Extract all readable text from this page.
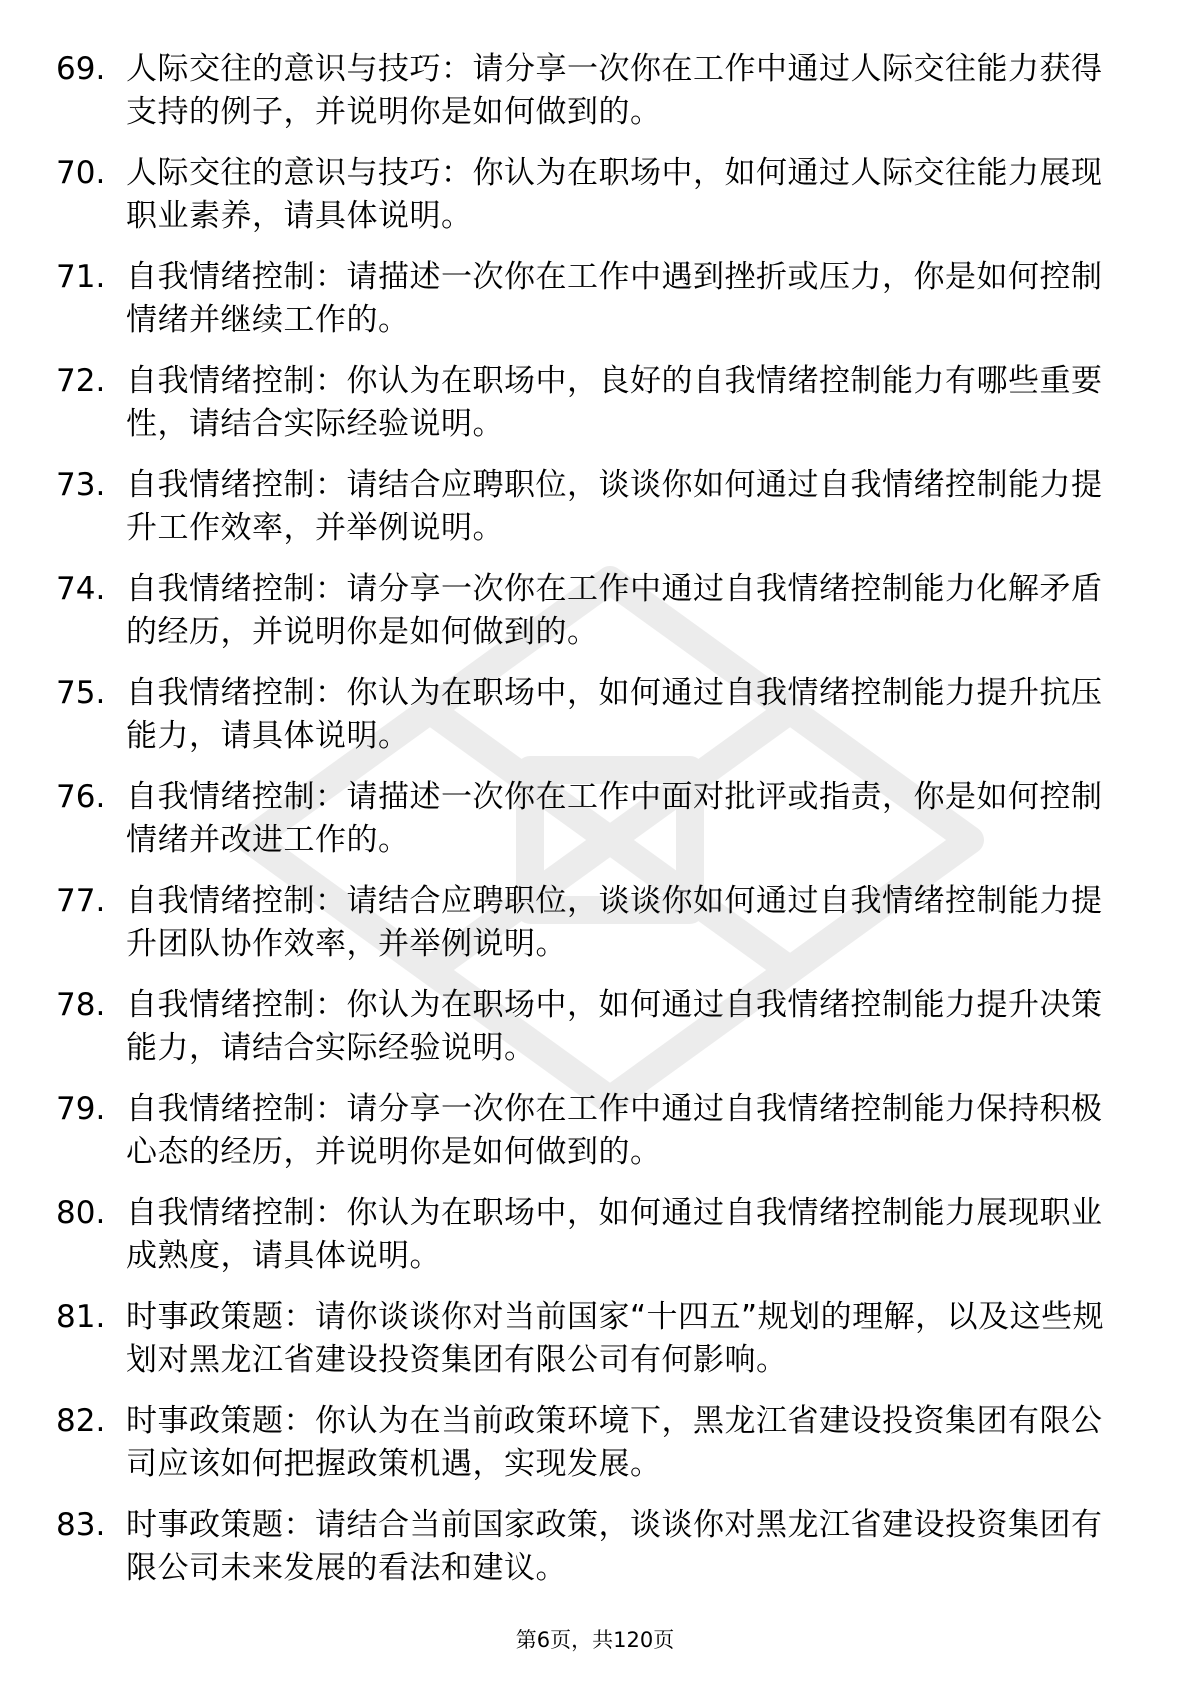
69. 人际交往的意识与技巧：请分享一次你在工作中通过人际交往能力获得支持的例子，并说明你是如何做到的。
70. 人际交往的意识与技巧：你认为在职场中，如何通过人际交往能力展现职业素养，请具体说明。
71. 自我情绪控制：请描述一次你在工作中遇到挫折或压力，你是如何控制情绪并继续工作的。
72. 自我情绪控制：你认为在职场中，良好的自我情绪控制能力有哪些重要性，请结合实际经验说明。
73. 自我情绪控制：请结合应聘职位，谈谈你如何通过自我情绪控制能力提升工作效率，并举例说明。
74. 自我情绪控制：请分享一次你在工作中通过自我情绪控制能力化解矛盾的经历，并说明你是如何做到的。
75. 自我情绪控制：你认为在职场中，如何通过自我情绪控制能力提升抗压能力，请具体说明。
76. 自我情绪控制：请描述一次你在工作中面对批评或指责，你是如何控制情绪并改进工作的。
77. 自我情绪控制：请结合应聘职位，谈谈你如何通过自我情绪控制能力提升团队协作效率，并举例说明。
78. 自我情绪控制：你认为在职场中，如何通过自我情绪控制能力提升决策能力，请结合实际经验说明。
79. 自我情绪控制：请分享一次你在工作中通过自我情绪控制能力保持积极心态的经历，并说明你是如何做到的。
80. 自我情绪控制：你认为在职场中，如何通过自我情绪控制能力展现职业成熟度，请具体说明。
81. 时事政策题：请你谈谈你对当前国家“十四五”规划的理解，以及这些规划对黑龙江省建设投资集团有限公司有何影响。
82. 时事政策题：你认为在当前政策环境下，黑龙江省建设投资集团有限公司应该如何把握政策机遇，实现发展。
83. 时事政策题：请结合当前国家政策，谈谈你对黑龙江省建设投资集团有限公司未来发展的看法和建议。
第6页，共120页
